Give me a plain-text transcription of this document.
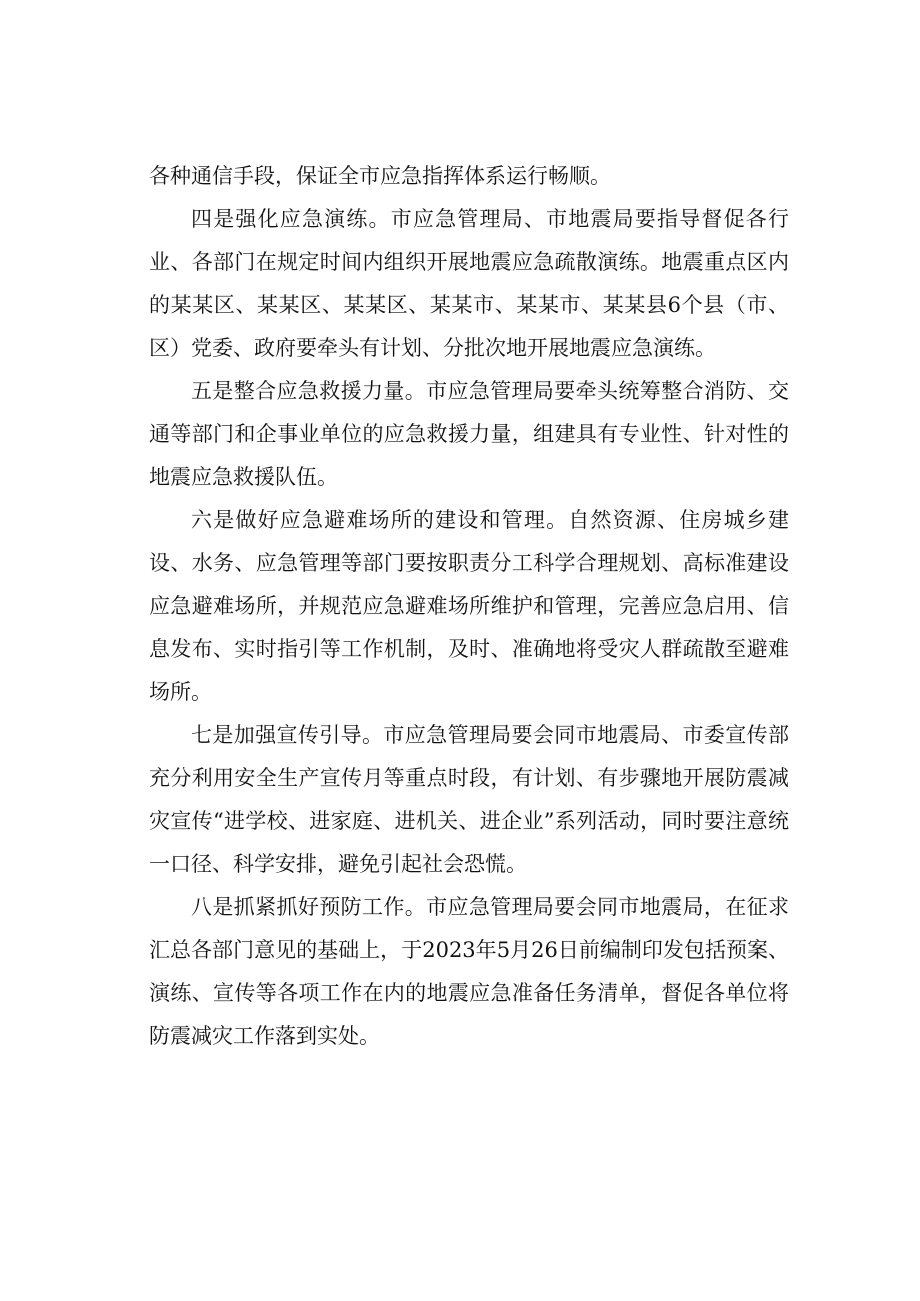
各种通信手段，保证全市应急指挥体系运行畅顺。

四是强化应急演练。市应急管理局、市地震局要指导督促各行业、各部门在规定时间内组织开展地震应急疏散演练。地震重点区内的某某区、某某区、某某区、某某市、某某市、某某县6个县（市、区）党委、政府要牵头有计划、分批次地开展地震应急演练。

五是整合应急救援力量。市应急管理局要牵头统筹整合消防、交通等部门和企事业单位的应急救援力量，组建具有专业性、针对性的地震应急救援队伍。

六是做好应急避难场所的建设和管理。自然资源、住房城乡建设、水务、应急管理等部门要按职责分工科学合理规划、高标准建设应急避难场所，并规范应急避难场所维护和管理，完善应急启用、信息发布、实时指引等工作机制，及时、准确地将受灾人群疏散至避难场所。

七是加强宣传引导。市应急管理局要会同市地震局、市委宣传部充分利用安全生产宣传月等重点时段，有计划、有步骤地开展防震减灾宣传“进学校、进家庭、进机关、进企业”系列活动，同时要注意统一口径、科学安排，避免引起社会恐慌。

八是抓紧抓好预防工作。市应急管理局要会同市地震局，在征求汇总各部门意见的基础上，于2023年5月26日前编制印发包括预案、演练、宣传等各项工作在内的地震应急准备任务清单，督促各单位将防震减灾工作落到实处。
